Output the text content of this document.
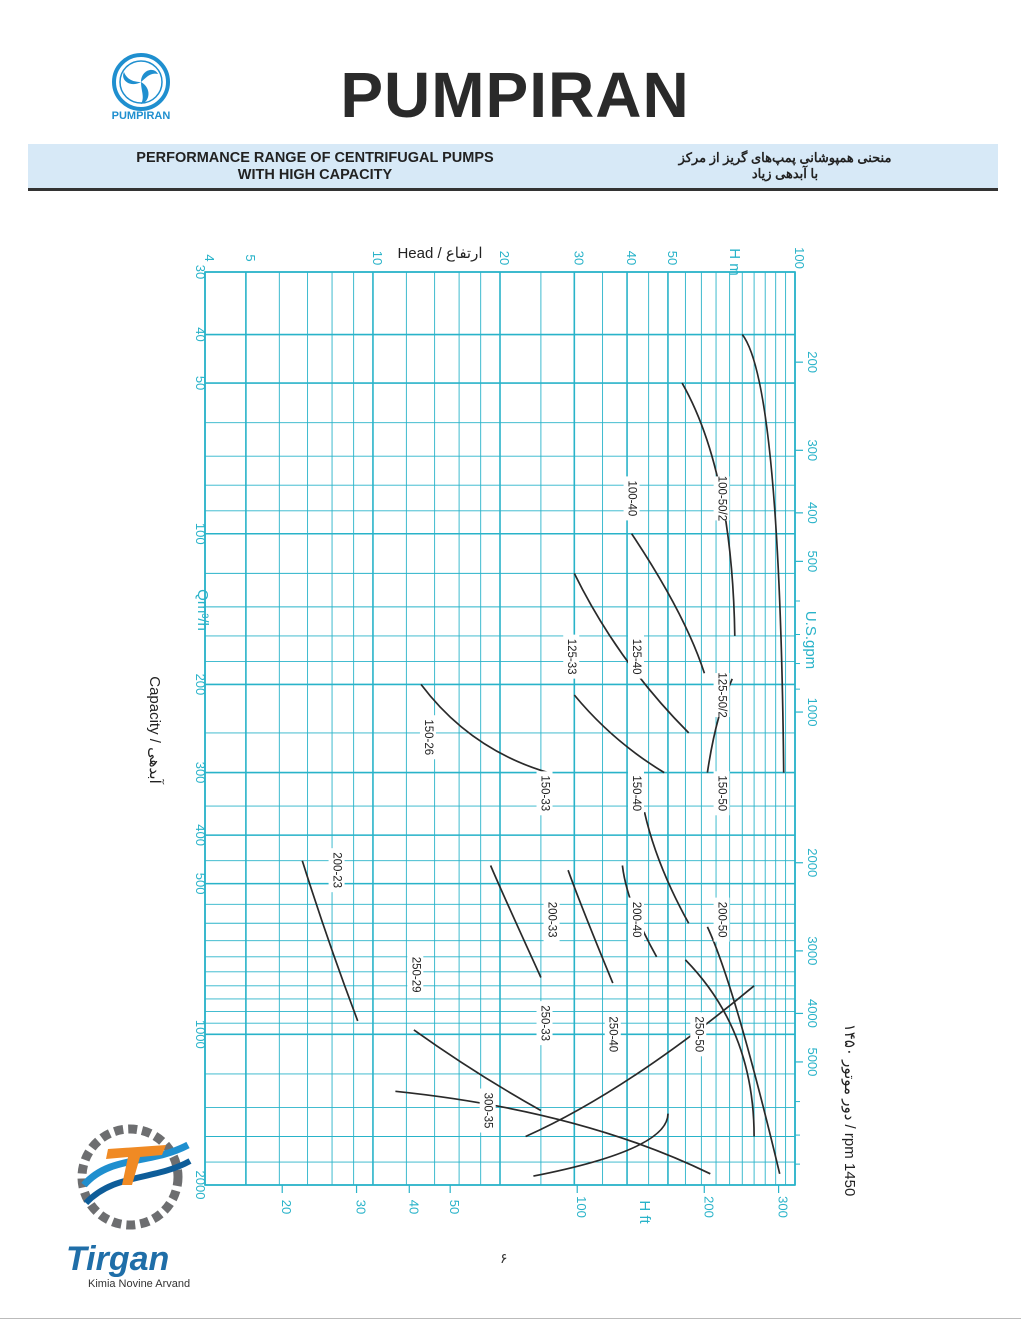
PUMPIRAN	PUMPIRAN
PERFORMANCE RANGE OF CENTRIFUGAL PUMPS
WITH HIGH CAPACITY
منحنی همپوشانی پمپ‌های گریز از مرکز
با آبدهی زیاد
4 5	10	20	30	40 50	100
20	30	40 50	100	200	300
30
40
50
100
200
300
400
500
1000
2000
200
300
400
500
1000
2000
3000
4000
5000
100-50/2
100-40
125-50/2
125-40
125-33
150-26
150-50
150-40
150-33
200-23
200-50
200-40
200-33
250-29
250-50
250-40
250-33
300-35
Head / ارتفاع	H m
H ft
Qm³/h
U.S.gpm
Capacity / آبدهی
1450 rpm / دور موتور ۱۴۵۰
۶
Tirgan
Kimia Novine Arvand
